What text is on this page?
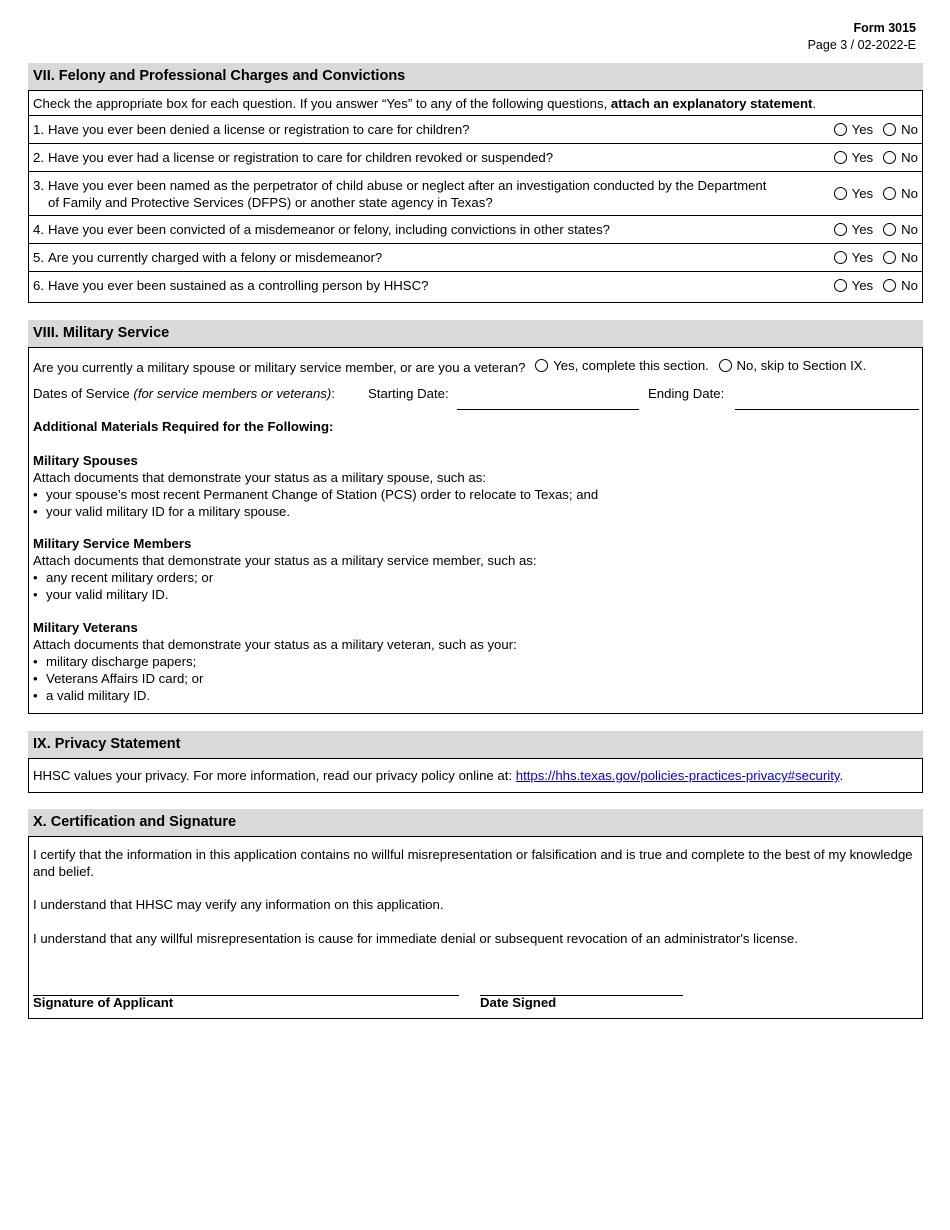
Form 3015
Page 3 / 02-2022-E
VII. Felony and Professional Charges and Convictions
Check the appropriate box for each question. If you answer “Yes” to any of the following questions, attach an explanatory statement.
1. Have you ever been denied a license or registration to care for children?	Yes No
2. Have you ever had a license or registration to care for children revoked or suspended?	Yes No
3. Have you ever been named as the perpetrator of child abuse or neglect after an investigation conducted by the Department
of Family and Protective Services (DFPS) or another state agency in Texas?
Yes No
4. Have you ever been convicted of a misdemeanor or felony, including convictions in other states?	Yes No
5. Are you currently charged with a felony or misdemeanor?	Yes No
6. Have you ever been sustained as a controlling person by HHSC?	Yes No
VIII. Military Service
Are you currently a military spouse or military service member, or are you a veteran? Yes, complete this section.
No, skip to Section IX.
Dates of Service (for service members or veterans):	Starting Date:	Ending Date:
Additional Materials Required for the Following:
Military Spouses
Attach documents that demonstrate your status as a military spouse, such as:
• your spouse’s most recent Permanent Change of Station (PCS) order to relocate to Texas; and
• your valid military ID for a military spouse.
Military Service Members
Attach documents that demonstrate your status as a military service member, such as:
• any recent military orders; or
• your valid military ID.
Military Veterans
Attach documents that demonstrate your status as a military veteran, such as your:
• military discharge papers;
• Veterans Affairs ID card; or
• a valid military ID.
IX. Privacy Statement
HHSC values your privacy. For more information, read our privacy policy online at: https://hhs.texas.gov/policies-practices-privacy#security.
X. Certification and Signature
I certify that the information in this application contains no willful misrepresentation or falsification and is true and complete to the best of my knowledge and belief.
I understand that HHSC may verify any information on this application.
I understand that any willful misrepresentation is cause for immediate denial or subsequent revocation of an administrator's license.
Signature of Applicant	Date Signed
